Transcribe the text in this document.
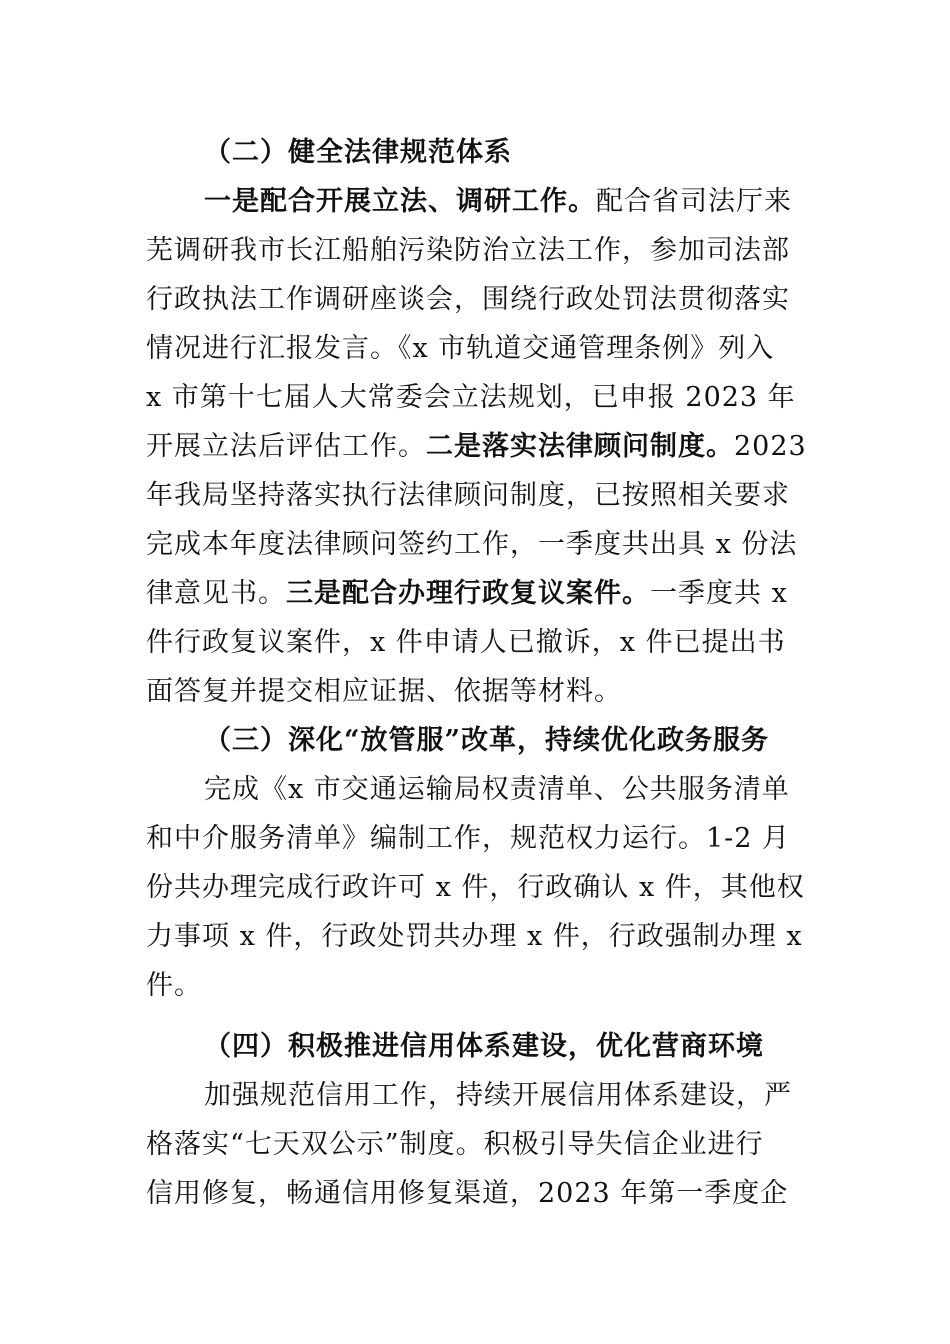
（二）健全法律规范体系
一是配合开展立法、调研工作。配合省司法厅来
芜调研我市长江船舶污染防治立法工作，参加司法部
行政执法工作调研座谈会，围绕行政处罚法贯彻落实
情况进行汇报发言。《x 市轨道交通管理条例》列入
x 市第十七届人大常委会立法规划，已申报 2023 年
开展立法后评估工作。二是落实法律顾问制度。2023
年我局坚持落实执行法律顾问制度，已按照相关要求
完成本年度法律顾问签约工作，一季度共出具 x 份法
律意见书。三是配合办理行政复议案件。一季度共 x
件行政复议案件，x 件申请人已撤诉，x 件已提出书
面答复并提交相应证据、依据等材料。
（三）深化“放管服”改革，持续优化政务服务
完成《x 市交通运输局权责清单、公共服务清单
和中介服务清单》编制工作，规范权力运行。1-2 月
份共办理完成行政许可 x 件，行政确认 x 件，其他权
力事项 x 件，行政处罚共办理 x 件，行政强制办理 x
件。
（四）积极推进信用体系建设，优化营商环境
加强规范信用工作，持续开展信用体系建设，严
格落实“七天双公示”制度。积极引导失信企业进行
信用修复，畅通信用修复渠道，2023 年第一季度企
